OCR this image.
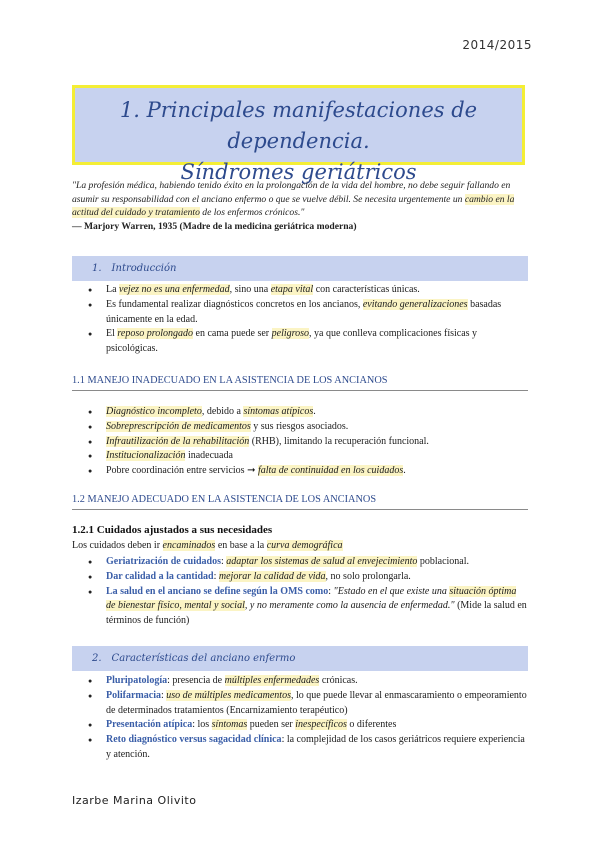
2014/2015
1. Principales manifestaciones de dependencia.
Síndromes geriátricos
"La profesión médica, habiendo tenido éxito en la prolongación de la vida del hombre, no debe seguir fallando en asumir su responsabilidad con el anciano enfermo o que se vuelve débil. Se necesita urgentemente un cambio en la actitud del cuidado y tratamiento de los enfermos crónicos."
— Marjory Warren, 1935 (Madre de la medicina geriátrica moderna)
1. Introducción
● La vejez no es una enfermedad, sino una etapa vital con características únicas.
● Es fundamental realizar diagnósticos concretos en los ancianos, evitando generalizaciones basadas únicamente en la edad.
● El reposo prolongado en cama puede ser peligroso, ya que conlleva complicaciones físicas y psicológicas.
1.1 MANEJO INADECUADO EN LA ASISTENCIA DE LOS ANCIANOS
● Diagnóstico incompleto, debido a síntomas atípicos.
● Sobreprescripción de medicamentos y sus riesgos asociados.
● Infrautilización de la rehabilitación (RHB), limitando la recuperación funcional.
● Institucionalización inadecuada
● Pobre coordinación entre servicios ➞ falta de continuidad en los cuidados.
1.2 MANEJO ADECUADO EN LA ASISTENCIA DE LOS ANCIANOS
1.2.1 Cuidados ajustados a sus necesidades
Los cuidados deben ir encaminados en base a la curva demográfica
● Geriatrización de cuidados: adaptar los sistemas de salud al envejecimiento poblacional.
● Dar calidad a la cantidad: mejorar la calidad de vida, no solo prolongarla.
● La salud en el anciano se define según la OMS como: "Estado en el que existe una situación óptima de bienestar físico, mental y social, y no meramente como la ausencia de enfermedad." (Mide la salud en términos de función)
2. Características del anciano enfermo
● Pluripatología: presencia de múltiples enfermedades crónicas.
● Polifarmacia: uso de múltiples medicamentos, lo que puede llevar al enmascaramiento o empeoramiento de determinados tratamientos (Encarnizamiento terapéutico)
● Presentación atípica: los síntomas pueden ser inespecíficos o diferentes
● Reto diagnóstico versus sagacidad clínica: la complejidad de los casos geriátricos requiere experiencia y atención.
Izarbe Marina Olivito
